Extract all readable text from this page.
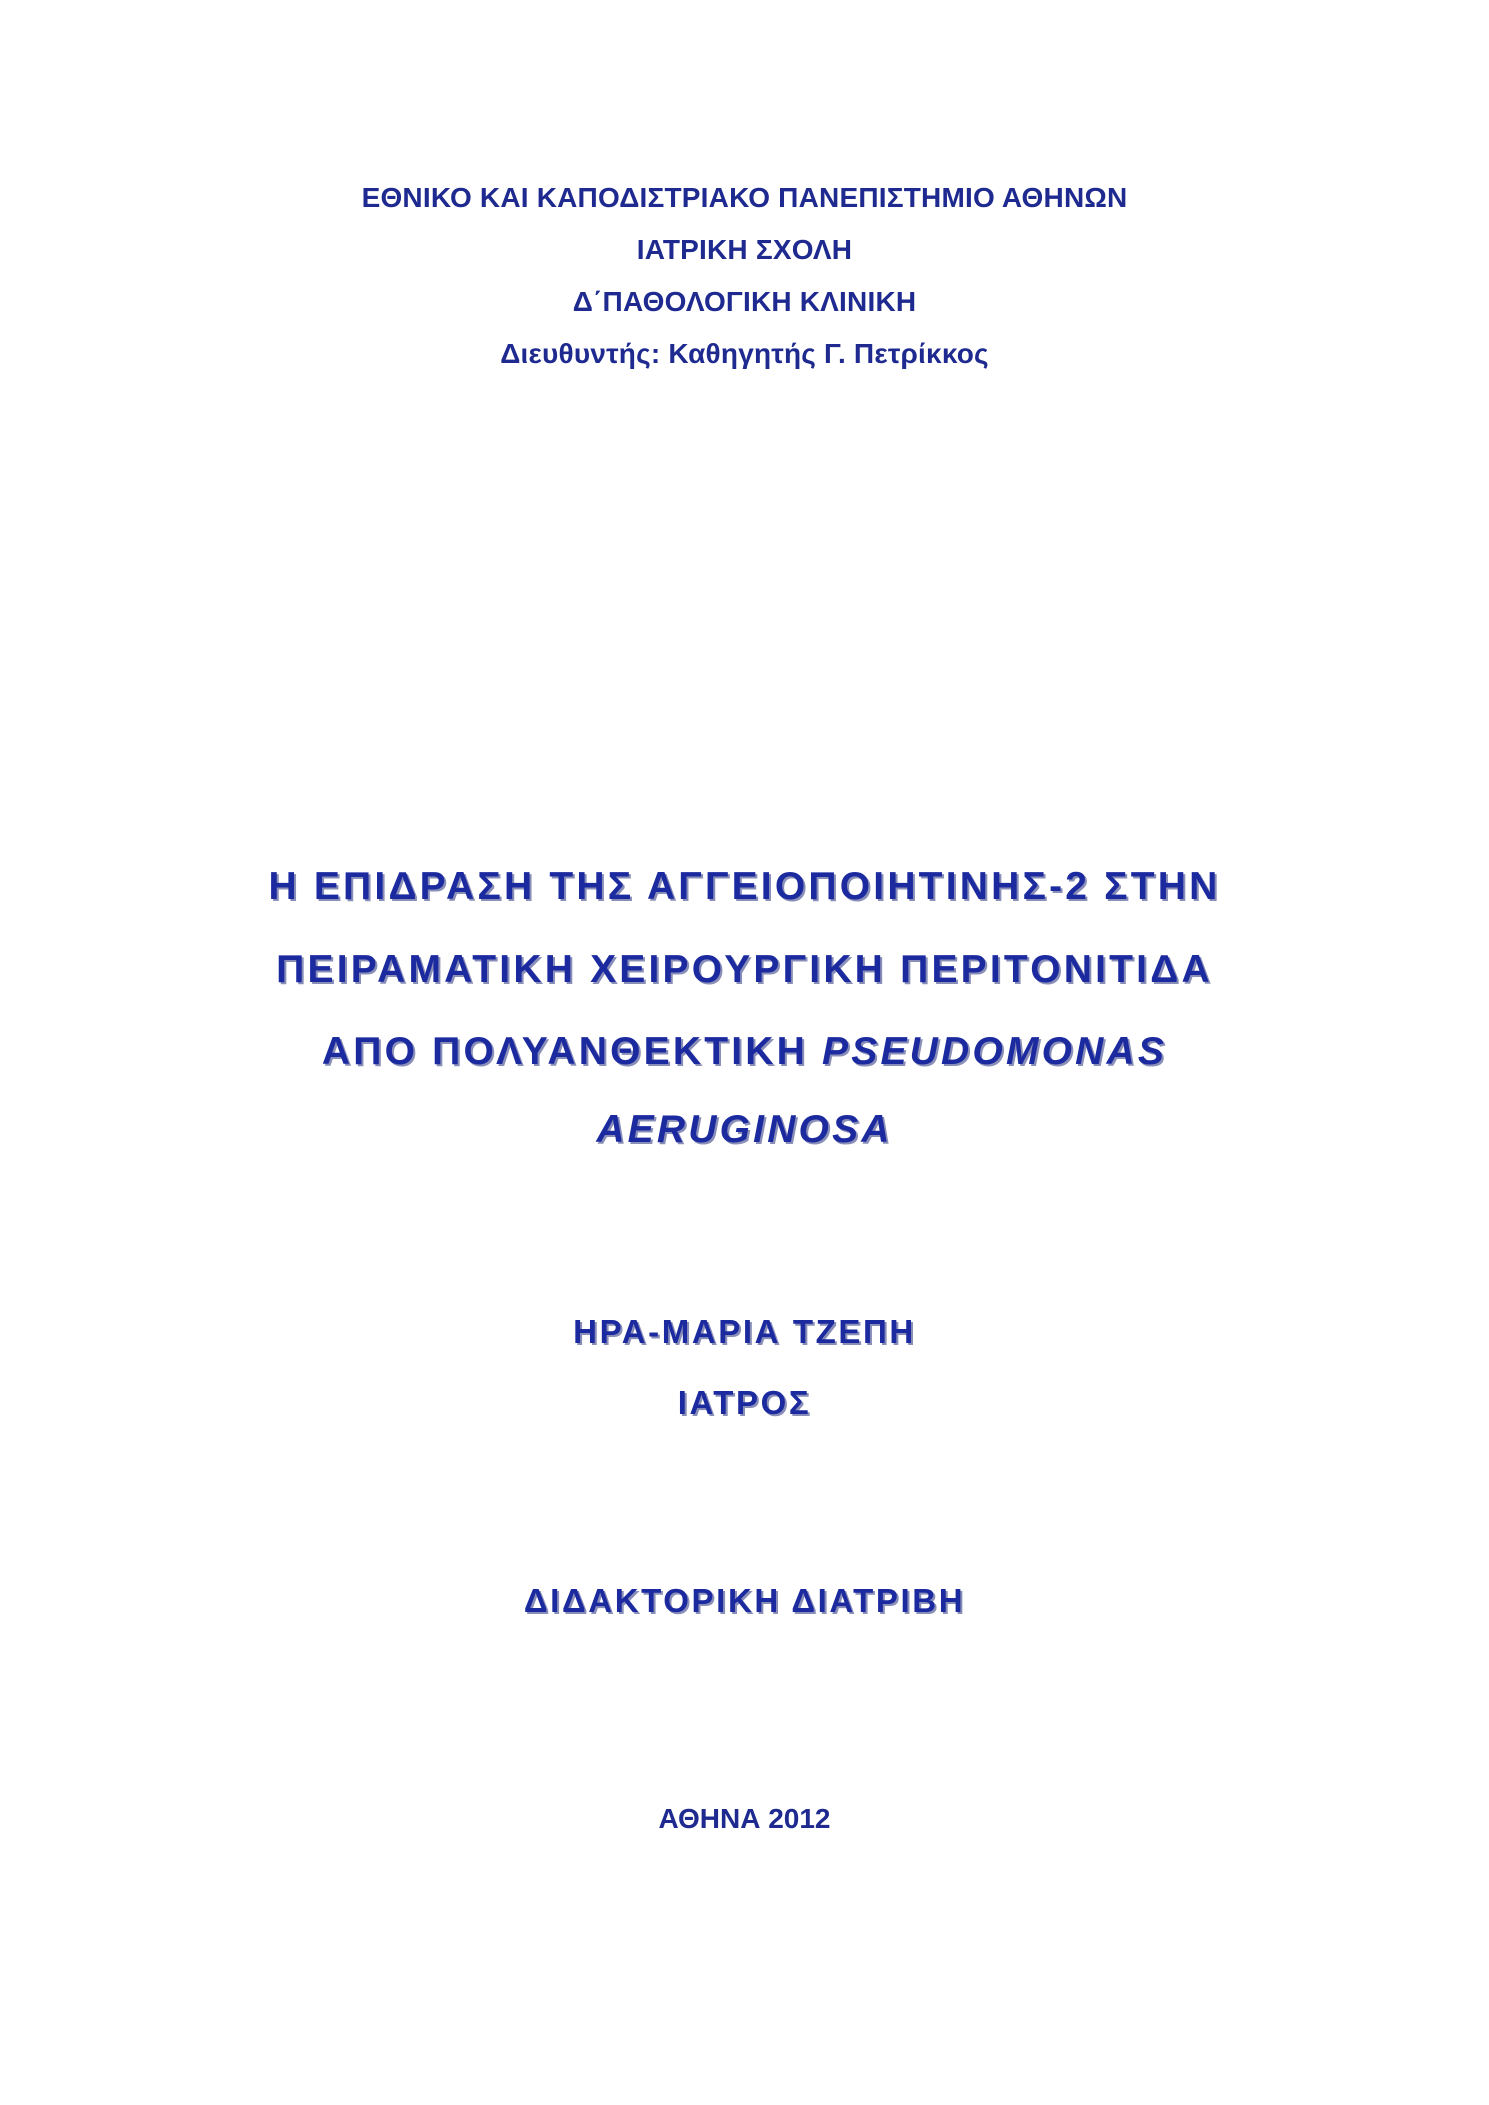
ΕΘΝΙΚΟ ΚΑΙ ΚΑΠΟΔΙΣΤΡΙΑΚΟ ΠΑΝΕΠΙΣΤΗΜΙΟ ΑΘΗΝΩΝ
ΙΑΤΡΙΚΗ ΣΧΟΛΗ
Δ΄ΠΑΘΟΛΟΓΙΚΗ ΚΛΙΝΙΚΗ
Διευθυντής: Καθηγητής Γ. Πετρίκκος
Η ΕΠΙΔΡΑΣΗ ΤΗΣ ΑΓΓΕΙΟΠΟΙΗΤΙΝΗΣ-2 ΣΤΗΝ
ΠΕΙΡΑΜΑΤΙΚΗ ΧΕΙΡΟΥΡΓΙΚΗ ΠΕΡΙΤΟΝΙΤΙΔΑ
ΑΠΟ ΠΟΛΥΑΝΘΕΚΤΙΚΗ PSEUDOMONAS
AERUGINOSA
ΗΡΑ-ΜΑΡΙΑ ΤΖΕΠΗ
ΙΑΤΡΟΣ
ΔΙΔΑΚΤΟΡΙΚΗ ΔΙΑΤΡΙΒΗ
ΑΘΗΝΑ 2012
